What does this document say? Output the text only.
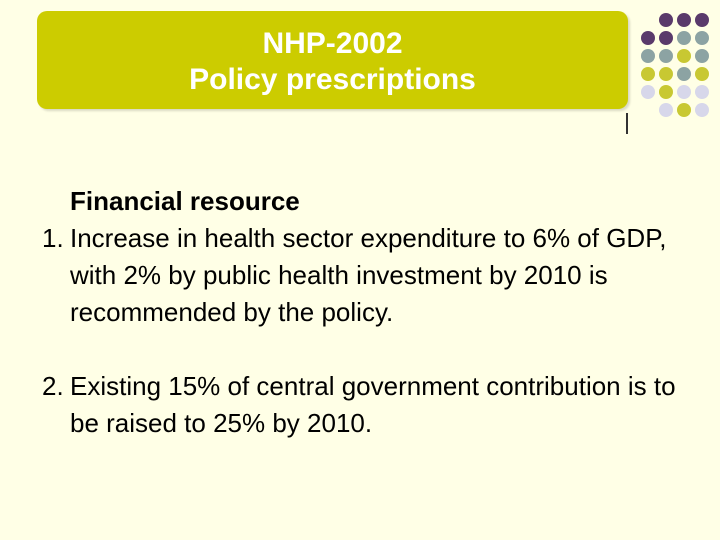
NHP-2002
Policy prescriptions
Financial resource
1. Increase in health sector expenditure to 6% of GDP, with 2% by public health investment by 2010 is recommended by the policy.
2. Existing 15% of central government contribution is to be raised to 25% by 2010.
